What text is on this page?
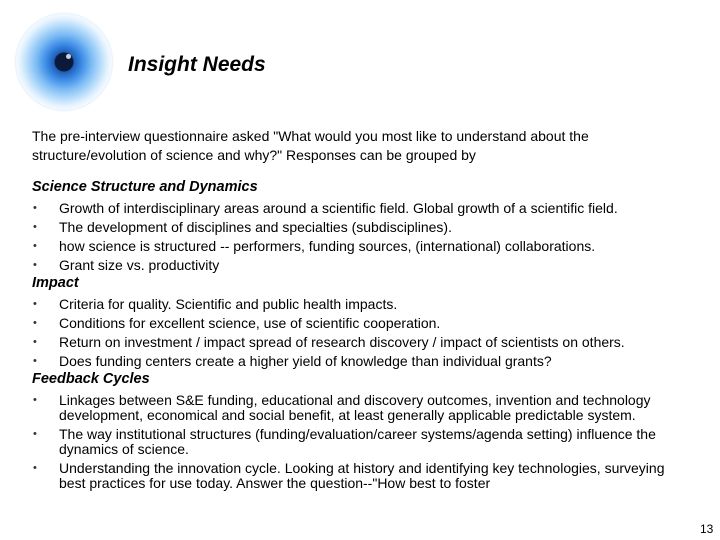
Insight Needs
The pre-interview questionnaire asked "What would you most like to understand about the structure/evolution of science and why?" Responses can be grouped by
Science Structure and Dynamics
• Growth of interdisciplinary areas around a scientific field. Global growth of a scientific field.
• The development of disciplines and specialties (subdisciplines).
• how science is structured -- performers, funding sources, (international) collaborations.
• Grant size vs. productivity
Impact
• Criteria for quality. Scientific and public health impacts.
• Conditions for excellent science, use of scientific cooperation.
• Return on investment / impact spread of research discovery / impact of scientists on others.
• Does funding centers create a higher yield of knowledge than individual grants?
Feedback Cycles
• Linkages between S&E funding, educational and discovery outcomes, invention and technology development, economical and social benefit, at least generally applicable predictable system.
• The way institutional structures (funding/evaluation/career systems/agenda setting) influence the dynamics of science.
• Understanding the innovation cycle. Looking at history and identifying key technologies, surveying best practices for use today. Answer the question--"How best to foster
13
